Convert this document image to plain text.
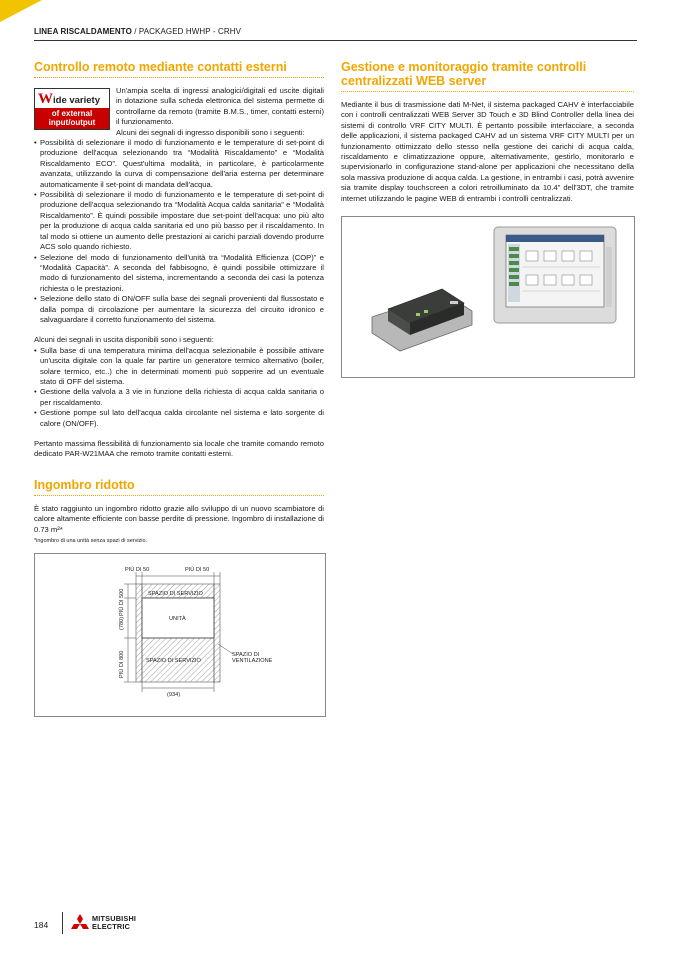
LINEA RISCALDAMENTO / PACKAGED HWHP - CRHV
Controllo remoto mediante contatti esterni
Wide variety
of external
input/output

Un'ampia scelta di ingressi analogici/digitali ed uscite digitali in dotazione sulla scheda elettronica del sistema permette di controllarne da remoto (tramite B.M.S., timer, contatti esterni) il funzionamento.

Alcuni dei segnali di ingresso disponibili sono i seguenti:

• Possibilità di selezionare il modo di funzionamento e le temperature di set-point di produzione dell'acqua selezionando tra “Modalità Riscaldamento” e “Modalità Riscaldamento ECO”. Quest'ultima modalità, in particolare, è particolarmente avanzata, utilizzando la curva di compensazione dell'aria esterna per determinare automaticamente il set-point di mandata dell'acqua.
• Possibilità di selezionare il modo di funzionamento e le temperature di set-point di produzione dell'acqua selezionando tra “Modalità Acqua calda sanitaria” e “Modalità Riscaldamento”. È quindi possibile impostare due set-point dell'acqua: uno più alto per la produzione di acqua calda sanitaria ed uno più basso per il riscaldamento. In tal modo si ottiene un aumento delle prestazioni ai carichi parziali dovendo produrre ACS solo quando richiesto.
• Selezione del modo di funzionamento dell'unità tra “Modalità Efficienza (COP)” e “Modalità Capacità”. A seconda del fabbisogno, è quindi possibile ottimizzare il modo di funzionamento del sistema, incrementando a seconda dei casi la potenza richiesta o le prestazioni.
• Selezione dello stato di ON/OFF sulla base dei segnali provenienti dal flussostato e dalla pompa di circolazione per aumentare la sicurezza del circuito idronico e salvaguardare il corretto funzionamento del sistema.

Alcuni dei segnali in uscita disponibili sono i seguenti:

• Sulla base di una temperatura minima dell'acqua selezionabile è possibile attivare un'uscita digitale con la quale far partire un generatore termico alternativo (boiler, solare termico, etc..) che in determinati momenti può sopperire ad un eventuale stato di OFF del sistema.
• Gestione della valvola a 3 vie in funzione della richiesta di acqua calda sanitaria o per riscaldamento.
• Gestione pompe sul lato dell'acqua calda circolante nel sistema e lato sorgente di calore (ON/OFF).

Pertanto massima flessibilità di funzionamento sia locale che tramite comando remoto dedicato PAR-W21MAA che remoto tramite contatti esterni.

Ingombro ridotto

È stato raggiunto un ingombro ridotto grazie allo sviluppo di un nuovo scambiatore di calore altamente efficiente con basse perdite di pressione. Ingombro di installazione di 0.73 m²*

*ingombro di una unità senza spazi di servizio.
PIÙ DI 50	PIÙ DI 50
PIÙ DI 500
(780)
PIÙ DI 800
SPAZIO DI SERVIZIO
UNITÀ
SPAZIO DI SERVIZIO
SPAZIO DI
VENTILAZIONE
(934)
Gestione e monitoraggio tramite controlli centralizzati WEB server

Mediante il bus di trasmissione dati M-Net, il sistema packaged CAHV è interfacciabile con i controlli centralizzati WEB Server 3D Touch e 3D Blind Controller della linea dei sistemi di controllo VRF CITY MULTI. È pertanto possibile interfacciare, a seconda delle applicazioni, il sistema packaged CAHV ad un sistema VRF CITY MULTI per un funzionamento ottimizzato dello stesso nella gestione dei carichi di acqua calda, riscaldamento e climatizzazione oppure, alternativamente, gestirlo, monitorarlo e supervisionarlo in configurazione stand-alone per applicazioni che necessitano della sola massiva produzione di acqua calda. La gestione, in entrambi i casi, potrà avvenire sia tramite display touchscreen a colori retroilluminato da 10.4” dell'3DT, che tramite internet utilizzando le pagine WEB di entrambi i controlli centralizzati.

184
MITSUBISHI
ELECTRIC
